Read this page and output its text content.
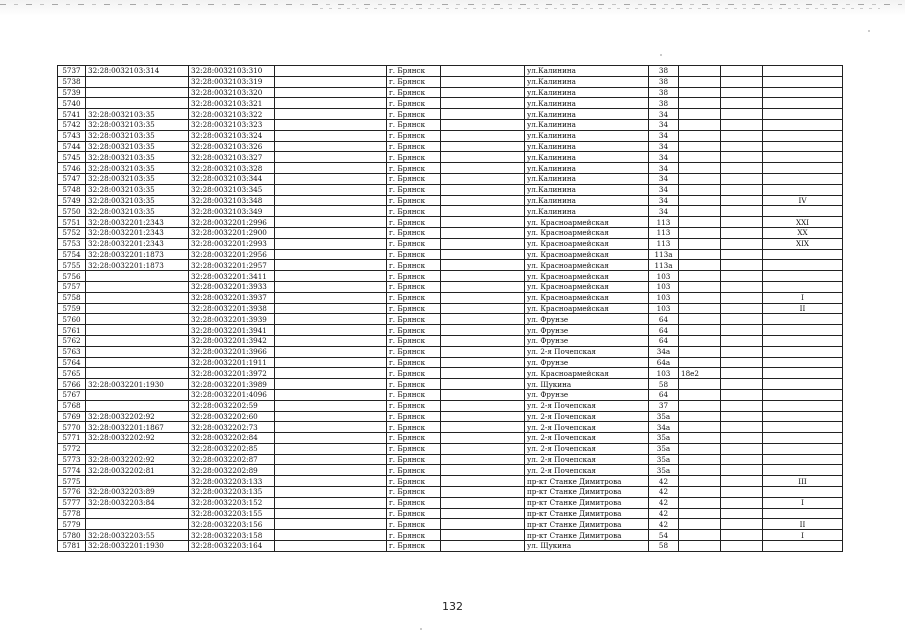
5737	32:28:0032103:314	32:28:0032103:310		г. Брянск		ул.Калинина	38			
5738		32:28:0032103:319		г. Брянск		ул.Калинина	38			
5739		32:28:0032103:320		г. Брянск		ул.Калинина	38			
5740		32:28:0032103:321		г. Брянск		ул.Калинина	38			
5741	32:28:0032103:35	32:28:0032103:322		г. Брянск		ул.Калинина	34			
5742	32:28:0032103:35	32:28:0032103:323		г. Брянск		ул.Калинина	34			
5743	32:28:0032103:35	32:28:0032103:324		г. Брянск		ул.Калинина	34			
5744	32:28:0032103:35	32:28:0032103:326		г. Брянск		ул.Калинина	34			
5745	32:28:0032103:35	32:28:0032103:327		г. Брянск		ул.Калинина	34			
5746	32:28:0032103:35	32:28:0032103:328		г. Брянск		ул.Калинина	34			
5747	32:28:0032103:35	32:28:0032103:344		г. Брянск		ул.Калинина	34			
5748	32:28:0032103:35	32:28:0032103:345		г. Брянск		ул.Калинина	34			
5749	32:28:0032103:35	32:28:0032103:348		г. Брянск		ул.Калинина	34			IV
5750	32:28:0032103:35	32:28:0032103:349		г. Брянск		ул.Калинина	34			
5751	32:28:0032201:2343	32:28:0032201:2996		г. Брянск		ул. Красноармейская	113			XXI
5752	32:28:0032201:2343	32:28:0032201:2900		г. Брянск		ул. Красноармейская	113			XX
5753	32:28:0032201:2343	32:28:0032201:2993		г. Брянск		ул. Красноармейская	113			XIX
5754	32:28:0032201:1873	32:28:0032201:2956		г. Брянск		ул. Красноармейская	113а			
5755	32:28:0032201:1873	32:28:0032201:2957		г. Брянск		ул. Красноармейская	113а			
5756		32:28:0032201:3411		г. Брянск		ул. Красноармейская	103			
5757		32:28:0032201:3933		г. Брянск		ул. Красноармейская	103			
5758		32:28:0032201:3937		г. Брянск		ул. Красноармейская	103			I
5759		32:28:0032201:3938		г. Брянск		ул. Красноармейская	103			II
5760		32:28:0032201:3939		г. Брянск		ул. Фрунзе	64			
5761		32:28:0032201:3941		г. Брянск		ул. Фрунзе	64			
5762		32:28:0032201:3942		г. Брянск		ул. Фрунзе	64			
5763		32:28:0032201:3966		г. Брянск		ул. 2-я Почепская	34а			
5764		32:28:0032201:1911		г. Брянск		ул. Фрунзе	64а			
5765		32:28:0032201:3972		г. Брянск		ул. Красноармейская	103	18е2		
5766	32:28:0032201:1930	32:28:0032201:3989		г. Брянск		ул. Щукина	58			
5767		32:28:0032201:4096		г. Брянск		ул. Фрунзе	64			
5768		32:28:0032202:59		г. Брянск		ул. 2-я Почепская	37			
5769	32:28:0032202:92	32:28:0032202:60		г. Брянск		ул. 2-я Почепская	35а			
5770	32:28:0032201:1867	32:28:0032202:73		г. Брянск		ул. 2-я Почепская	34а			
5771	32:28:0032202:92	32:28:0032202:84		г. Брянск		ул. 2-я Почепская	35а			
5772		32:28:0032202:85		г. Брянск		ул. 2-я Почепская	35а			
5773	32:28:0032202:92	32:28:0032202:87		г. Брянск		ул. 2-я Почепская	35а			
5774	32:28:0032202:81	32:28:0032202:89		г. Брянск		ул. 2-я Почепская	35а			
5775		32:28:0032203:133		г. Брянск		пр-кт Станке Димитрова	42			III
5776	32:28:0032203:89	32:28:0032203:135		г. Брянск		пр-кт Станке Димитрова	42			
5777	32:28:0032203:84	32:28:0032203:152		г. Брянск		пр-кт Станке Димитрова	42			I
5778		32:28:0032203:155		г. Брянск		пр-кт Станке Димитрова	42			
5779		32:28:0032203:156		г. Брянск		пр-кт Станке Димитрова	42			II
5780	32:28:0032203:55	32:28:0032203:158		г. Брянск		пр-кт Станке Димитрова	54			I
5781	32:28:0032201:1930	32:28:0032203:164		г. Брянск		ул. Щукина	58			
132
